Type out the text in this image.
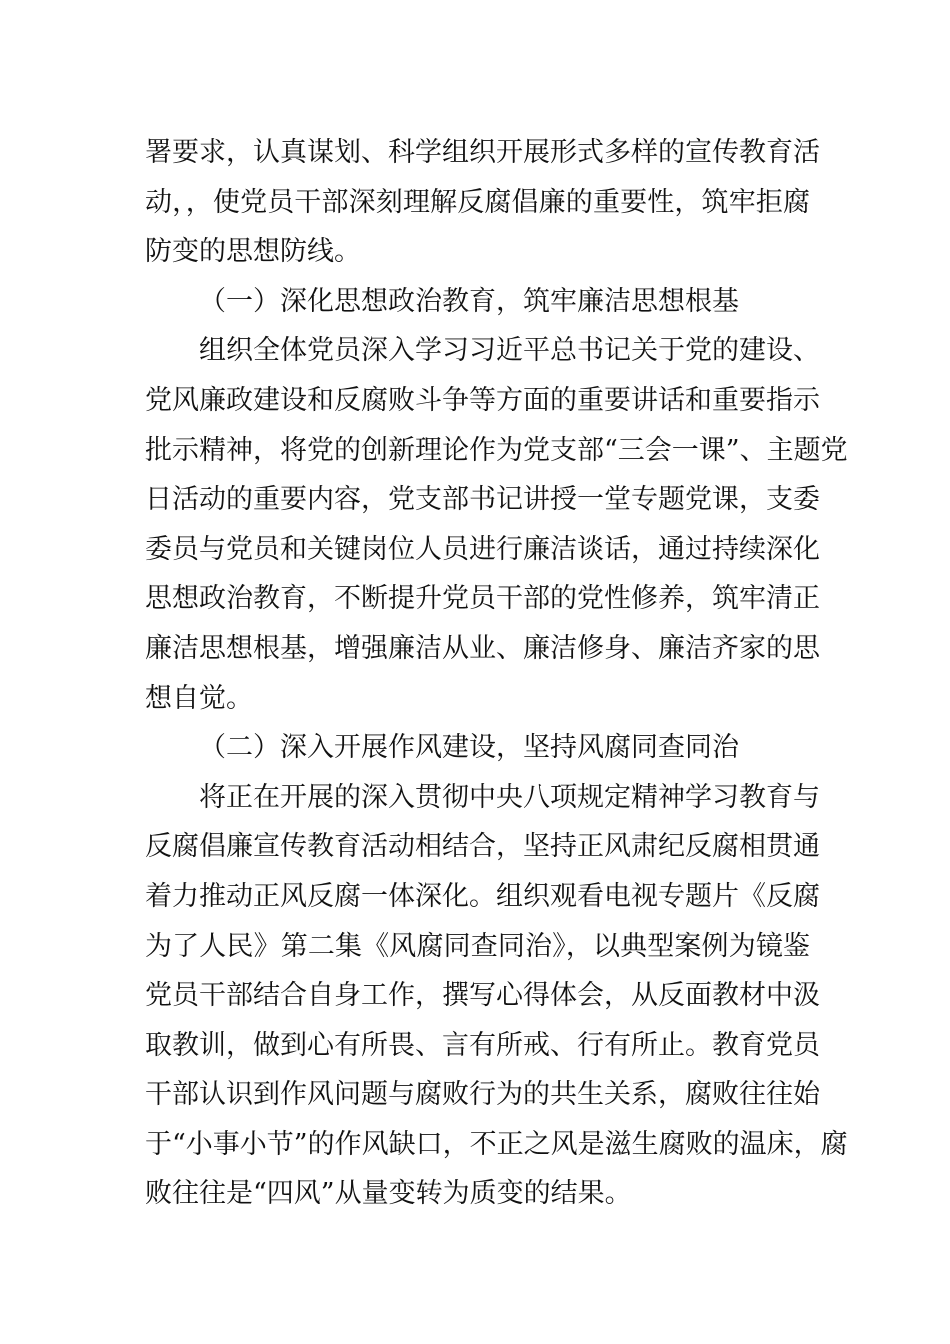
署要求，认真谋划、科学组织开展形式多样的宣传教育活
动，，使党员干部深刻理解反腐倡廉的重要性，筑牢拒腐
防变的思想防线。
（一）深化思想政治教育，筑牢廉洁思想根基
组织全体党员深入学习习近平总书记关于党的建设、
党风廉政建设和反腐败斗争等方面的重要讲话和重要指示
批示精神，将党的创新理论作为党支部“三会一课”、主题党
日活动的重要内容，党支部书记讲授一堂专题党课，支委
委员与党员和关键岗位人员进行廉洁谈话，通过持续深化
思想政治教育，不断提升党员干部的党性修养，筑牢清正
廉洁思想根基，增强廉洁从业、廉洁修身、廉洁齐家的思
想自觉。
（二）深入开展作风建设，坚持风腐同查同治
将正在开展的深入贯彻中央八项规定精神学习教育与
反腐倡廉宣传教育活动相结合，坚持正风肃纪反腐相贯通
着力推动正风反腐一体深化。组织观看电视专题片《反腐
为了人民》第二集《风腐同查同治》，以典型案例为镜鉴
党员干部结合自身工作，撰写心得体会，从反面教材中汲
取教训，做到心有所畏、言有所戒、行有所止。教育党员
干部认识到作风问题与腐败行为的共生关系，腐败往往始
于“小事小节”的作风缺口，不正之风是滋生腐败的温床，腐
败往往是“四风”从量变转为质变的结果。
